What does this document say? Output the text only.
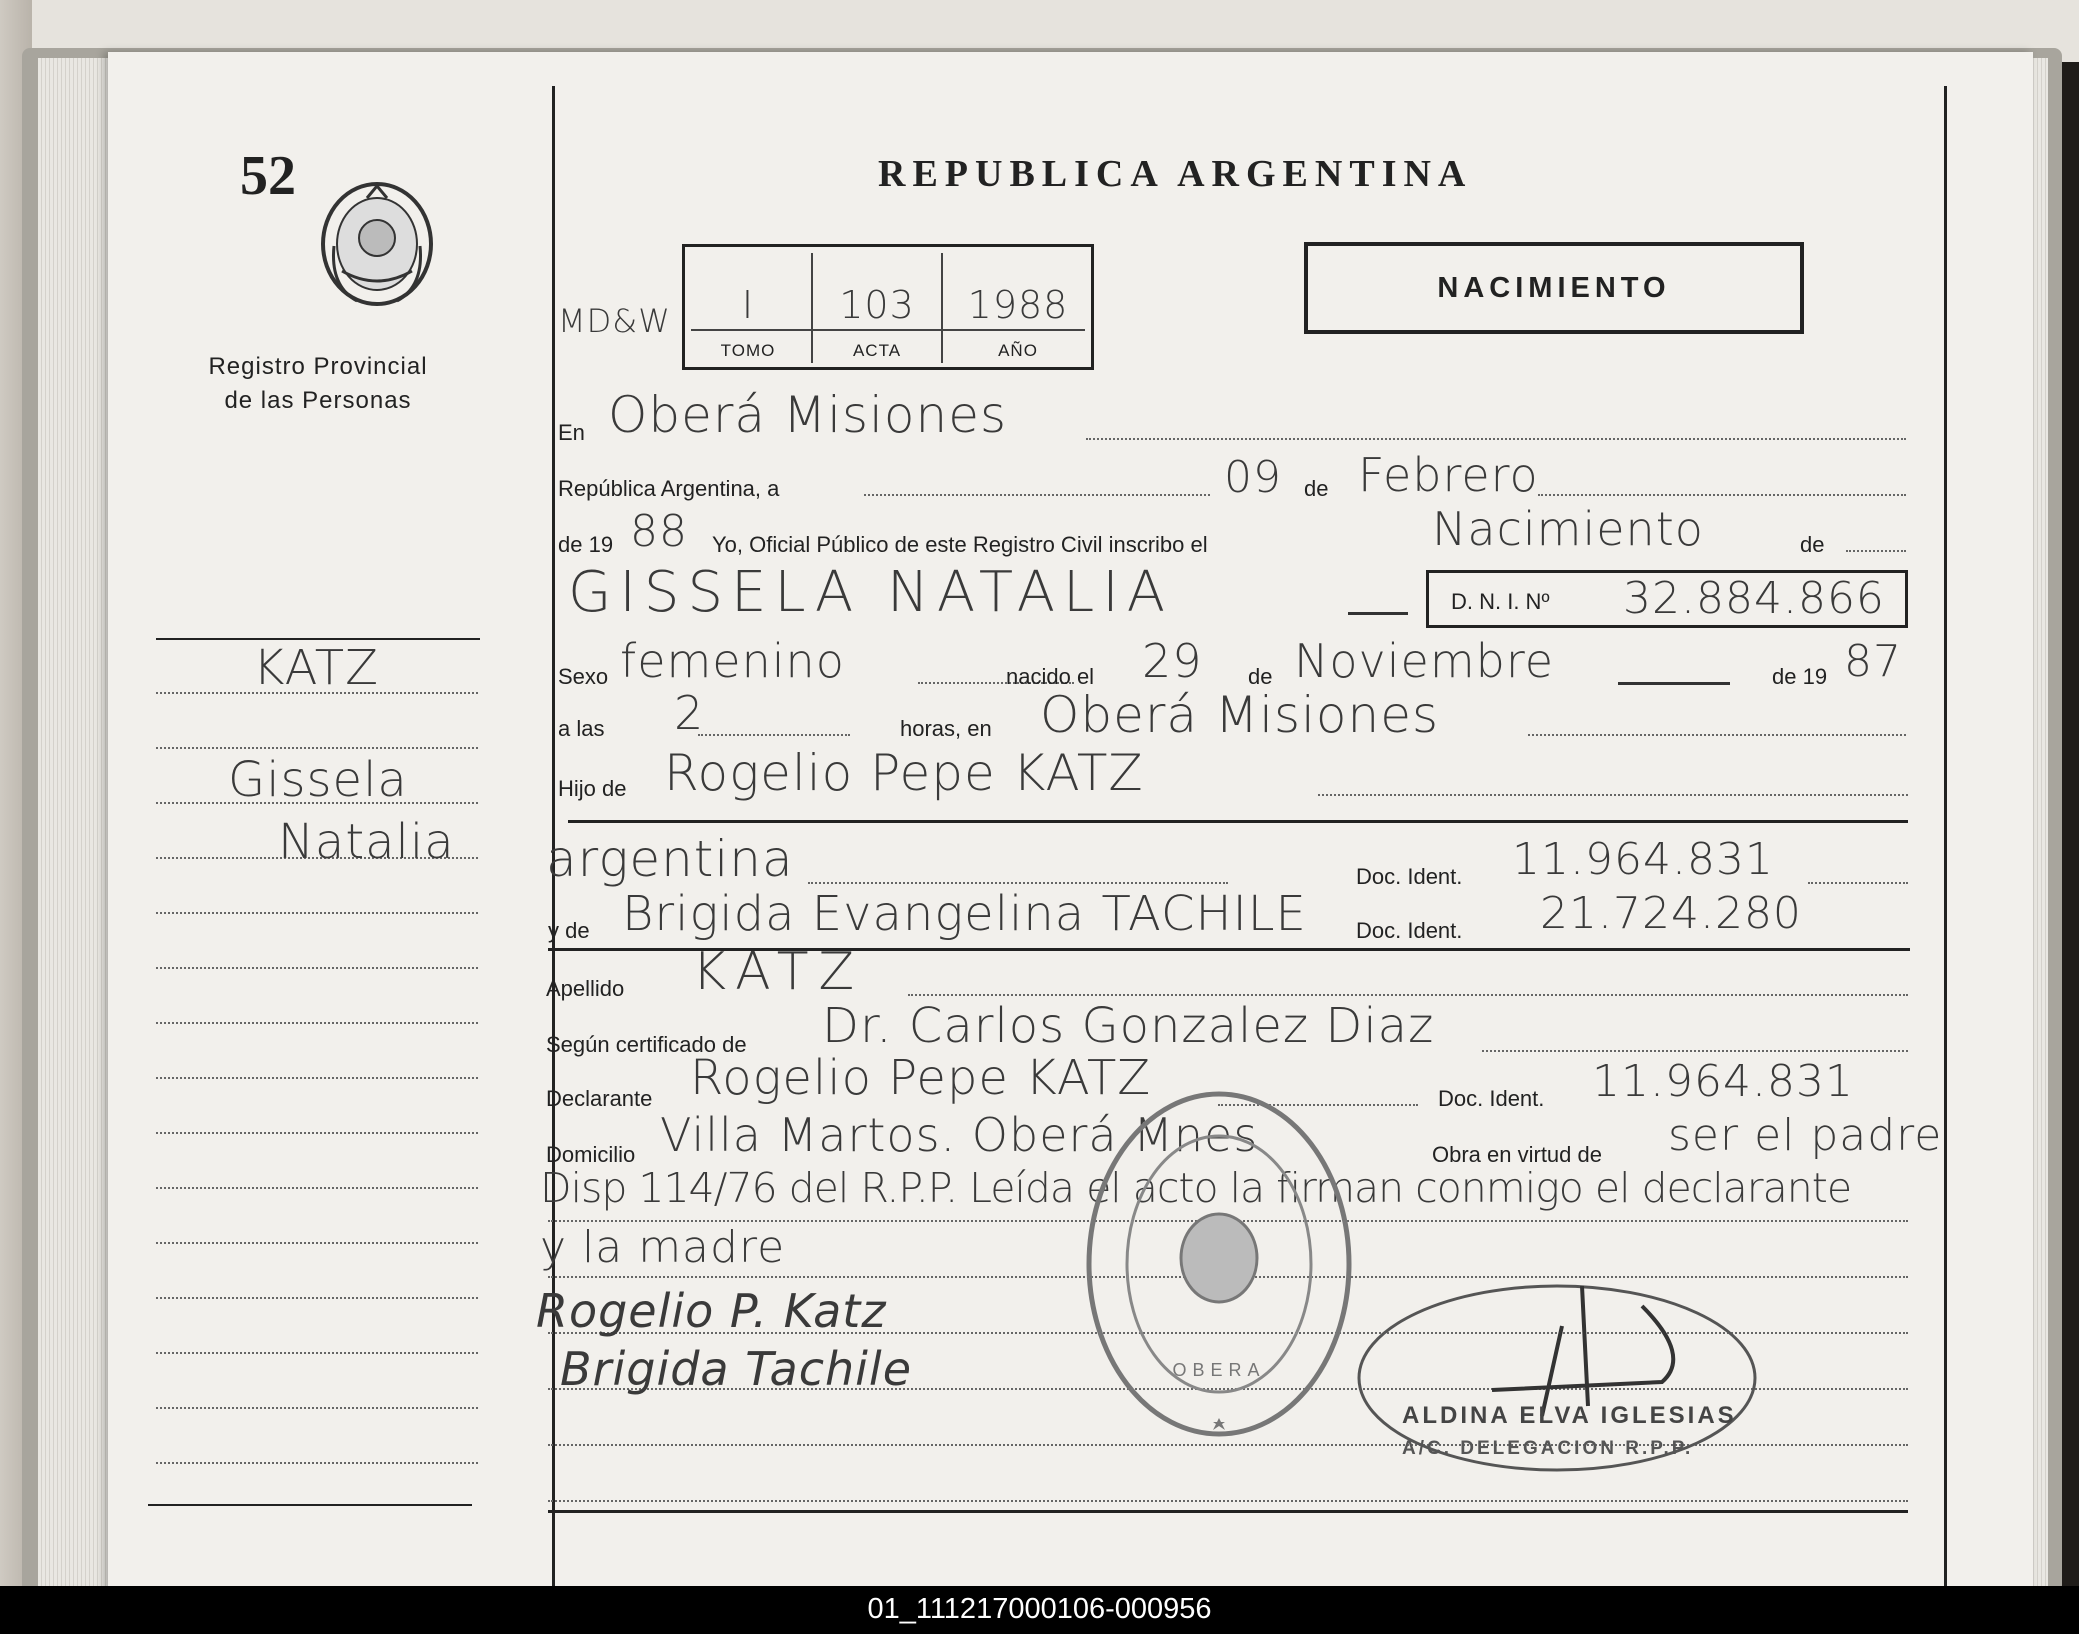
52
Registro Provincial
de las Personas
KATZ
Gissela
Natalia
REPUBLICA ARGENTINA
MD&W	I	103	1988
TOMO	ACTA	AÑO
NACIMIENTO
En Oberá Misiones
República Argentina, a	09 de Febrero
de 19 88 Yo, Oficial Público de este Registro Civil inscribo el	Nacimiento	de
GISSELA NATALIA	D. N. I. Nº 32.884.866
Sexo femenino	nacido el 29 de Noviembre	de 19 87
a las 2	horas, en Oberá Misiones
Hijo de Rogelio Pepe KATZ
argentina	Doc. Ident. 11.964.831
y de Brigida Evangelina TACHILE Doc. Ident. 21.724.280
Apellido KATZ
Según certificado de Dr. Carlos Gonzalez Diaz
Declarante Rogelio Pepe KATZ	Doc. Ident. 11.964.831
Domicilio Villa Martos. Oberá Mnes	Obra en virtud de ser el padre
Disp 114/76 del R.P.P. Leída el acto la firman conmigo el declarante
y la madre
Rogelio P. Katz
Brigida Tachile	OBERA
ALDINA ELVA IGLESIAS
A/C. DELEGACION R.P.P.
01_111217000106-000956
